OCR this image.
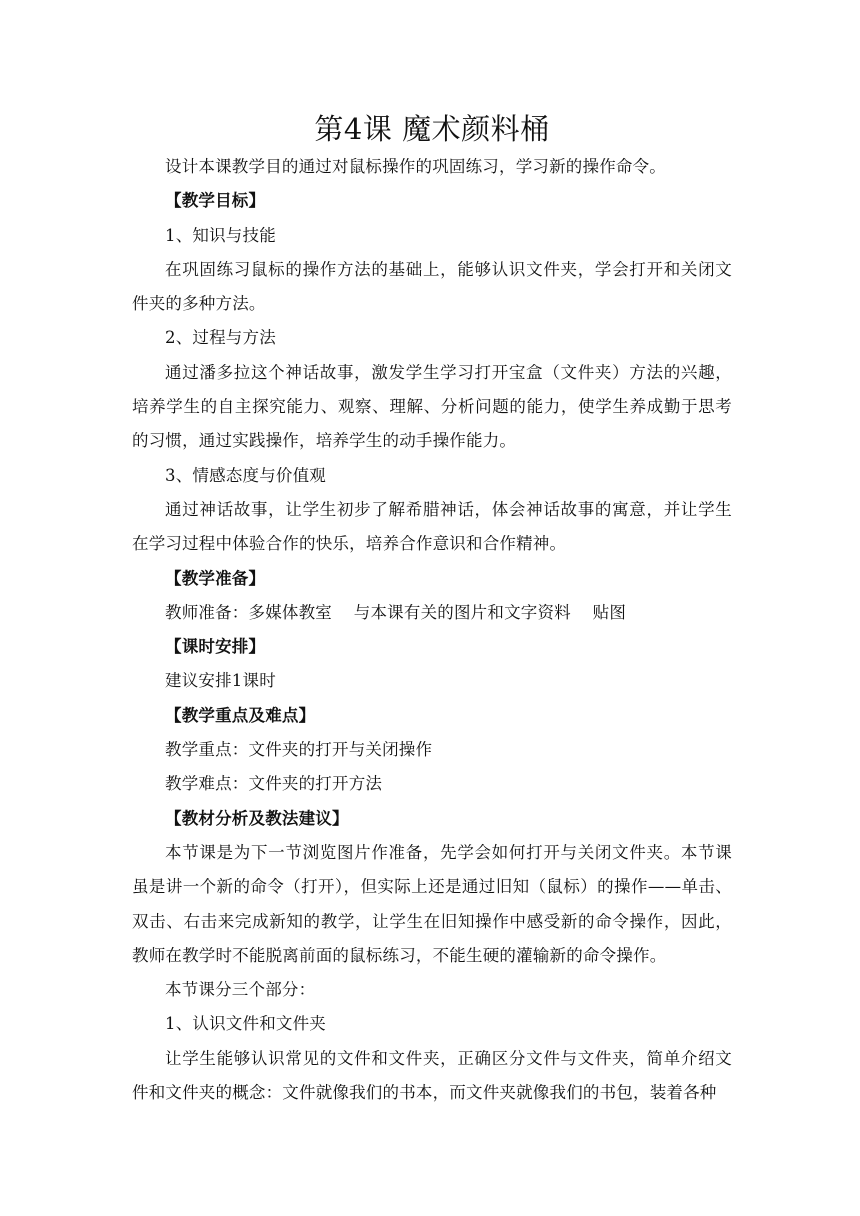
第4课 魔术颜料桶

设计本课教学目的通过对鼠标操作的巩固练习，学习新的操作命令。

【教学目标】

1、知识与技能

在巩固练习鼠标的操作方法的基础上，能够认识文件夹，学会打开和关闭文件夹的多种方法。

2、过程与方法

通过潘多拉这个神话故事，激发学生学习打开宝盒（文件夹）方法的兴趣，培养学生的自主探究能力、观察、理解、分析问题的能力，使学生养成勤于思考的习惯，通过实践操作，培养学生的动手操作能力。

3、情感态度与价值观

通过神话故事，让学生初步了解希腊神话，体会神话故事的寓意，并让学生在学习过程中体验合作的快乐，培养合作意识和合作精神。

【教学准备】

教师准备：多媒体教室    与本课有关的图片和文字资料    贴图

【课时安排】

建议安排1课时

【教学重点及难点】

教学重点：文件夹的打开与关闭操作

教学难点：文件夹的打开方法

【教材分析及教法建议】

本节课是为下一节浏览图片作准备，先学会如何打开与关闭文件夹。本节课虽是讲一个新的命令（打开），但实际上还是通过旧知（鼠标）的操作——单击、双击、右击来完成新知的教学，让学生在旧知操作中感受新的命令操作，因此，教师在教学时不能脱离前面的鼠标练习，不能生硬的灌输新的命令操作。

本节课分三个部分：

1、认识文件和文件夹

让学生能够认识常见的文件和文件夹，正确区分文件与文件夹，简单介绍文件和文件夹的概念：文件就像我们的书本，而文件夹就像我们的书包，装着各种
